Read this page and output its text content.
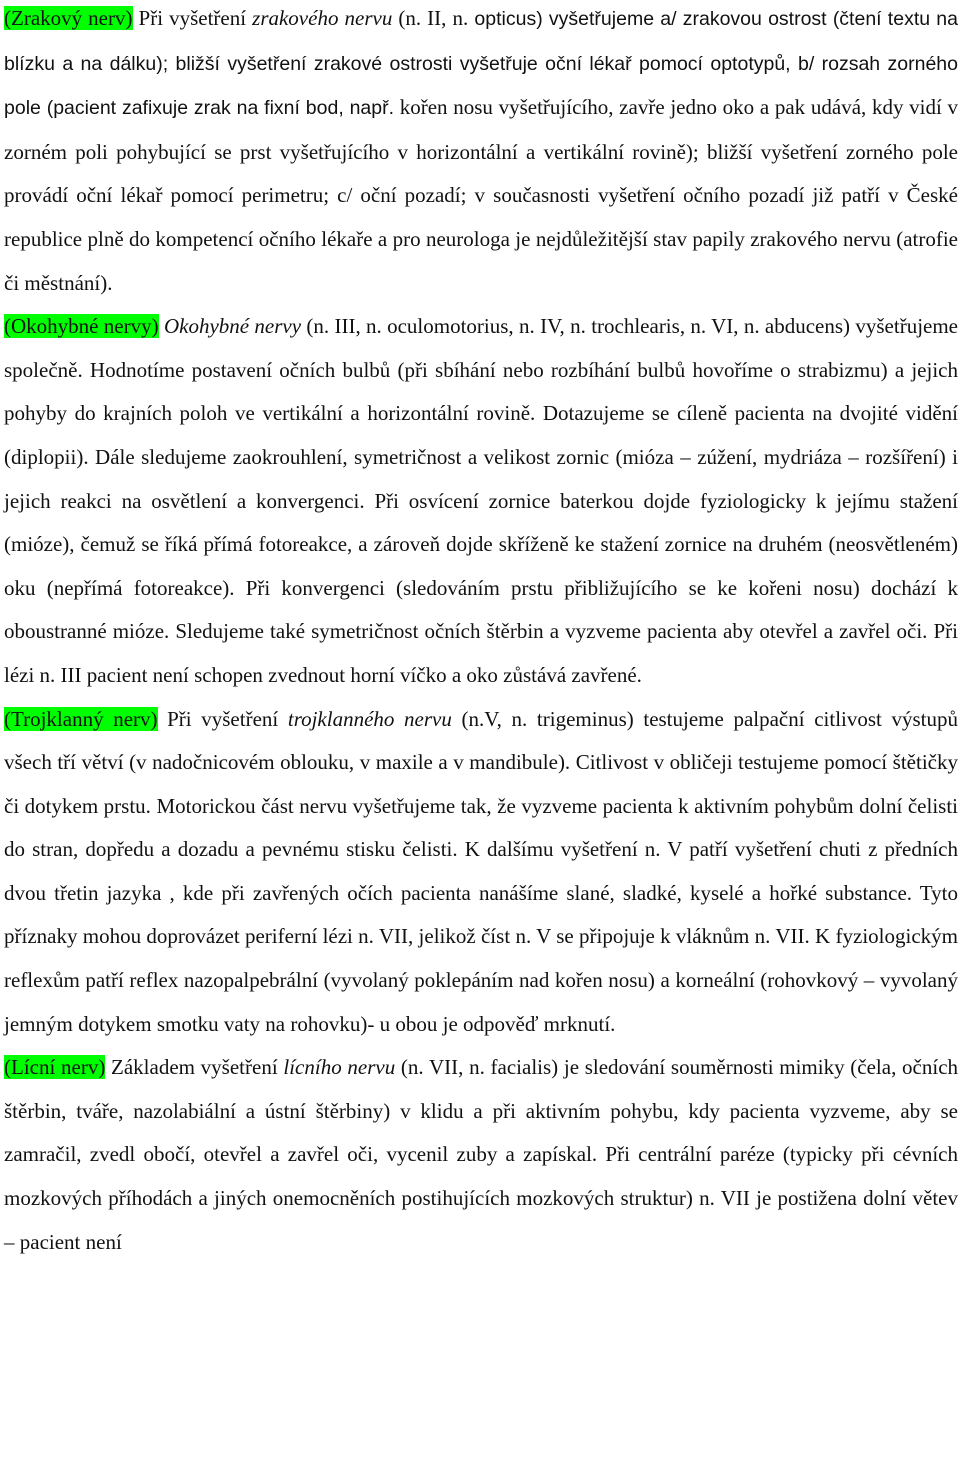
(Zrakový nerv) Při vyšetření zrakového nervu (n. II, n. opticus) vyšetřujeme a/ zrakovou ostrost (čtení textu na blízku a na dálku); bližší vyšetření zrakové ostrosti vyšetřuje oční lékař pomocí optotypů, b/ rozsah zorného pole (pacient zafixuje zrak na fixní bod, např. kořen nosu vyšetřujícího, zavře jedno oko a pak udává, kdy vidí v zorném poli pohybující se prst vyšetřujícího v horizontální a vertikální rovině); bližší vyšetření zorného pole provádí oční lékař pomocí perimetru; c/ oční pozadí; v současnosti vyšetření očního pozadí již patří v České republice plně do kompetencí očního lékaře a pro neurologa je nejdůležitější stav papily zrakového nervu (atrofie či městnání).

(Okohybné nervy) Okohybné nervy (n. III, n. oculomotorius, n. IV, n. trochlearis, n. VI, n. abducens) vyšetřujeme společně. Hodnotíme postavení očních bulbů (při sbíhání nebo rozbíhání bulbů hovoříme o strabizmu) a jejich pohyby do krajních poloh ve vertikální a horizontální rovině. Dotazujeme se cíleně pacienta na dvojité vidění (diplopii). Dále sledujeme zaokrouhlení, symetričnost a velikost zornic (mióza – zúžení, mydriáza – rozšíření) i jejich reakci na osvětlení a konvergenci. Při osvícení zornice baterkou dojde fyziologicky k jejímu stažení (mióze), čemuž se říká přímá fotoreakce, a zároveň dojde skříženě ke stažení zornice na druhém (neosvětleném) oku (nepřímá fotoreakce). Při konvergenci (sledováním prstu přibližujícího se ke kořeni nosu) dochází k oboustranné mióze. Sledujeme také symetričnost očních štěrbin a vyzveme pacienta aby otevřel a zavřel oči. Při lézi n. III pacient není schopen zvednout horní víčko a oko zůstává zavřené.

(Trojklanný nerv) Při vyšetření trojklanného nervu (n.V, n. trigeminus) testujeme palpační citlivost výstupů všech tří větví (v nadočnicovém oblouku, v maxile a v mandibule). Citlivost v obličeji testujeme pomocí štětičky či dotykem prstu. Motorickou část nervu vyšetřujeme tak, že vyzveme pacienta k aktivním pohybům dolní čelisti do stran, dopředu a dozadu a pevnému stisku čelisti. K dalšímu vyšetření n. V patří vyšetření chuti z předních dvou třetin jazyka , kde při zavřených očích pacienta nanášíme slané, sladké, kyselé a hořké substance. Tyto příznaky mohou doprovázet periferní lézi n. VII, jelikož číst n. V se připojuje k vláknům n. VII. K fyziologickým reflexům patří reflex nazopalpebrální (vyvolaný poklepáním nad kořen nosu) a korneální (rohovkový – vyvolaný jemným dotykem smotku vaty na rohovku)- u obou je odpověď mrknutí.

(Lícní nerv) Základem vyšetření lícního nervu (n. VII, n. facialis) je sledování souměrnosti mimiky (čela, očních štěrbin, tváře, nazolabiální a ústní štěrbiny) v klidu a při aktivním pohybu, kdy pacienta vyzveme, aby se zamračil, zvedl obočí, otevřel a zavřel oči, vycenil zuby a zapískal. Při centrální paréze (typicky při cévních mozkových příhodách a jiných onemocněních postihujících mozkových struktur) n. VII je postižena dolní větev – pacient není
